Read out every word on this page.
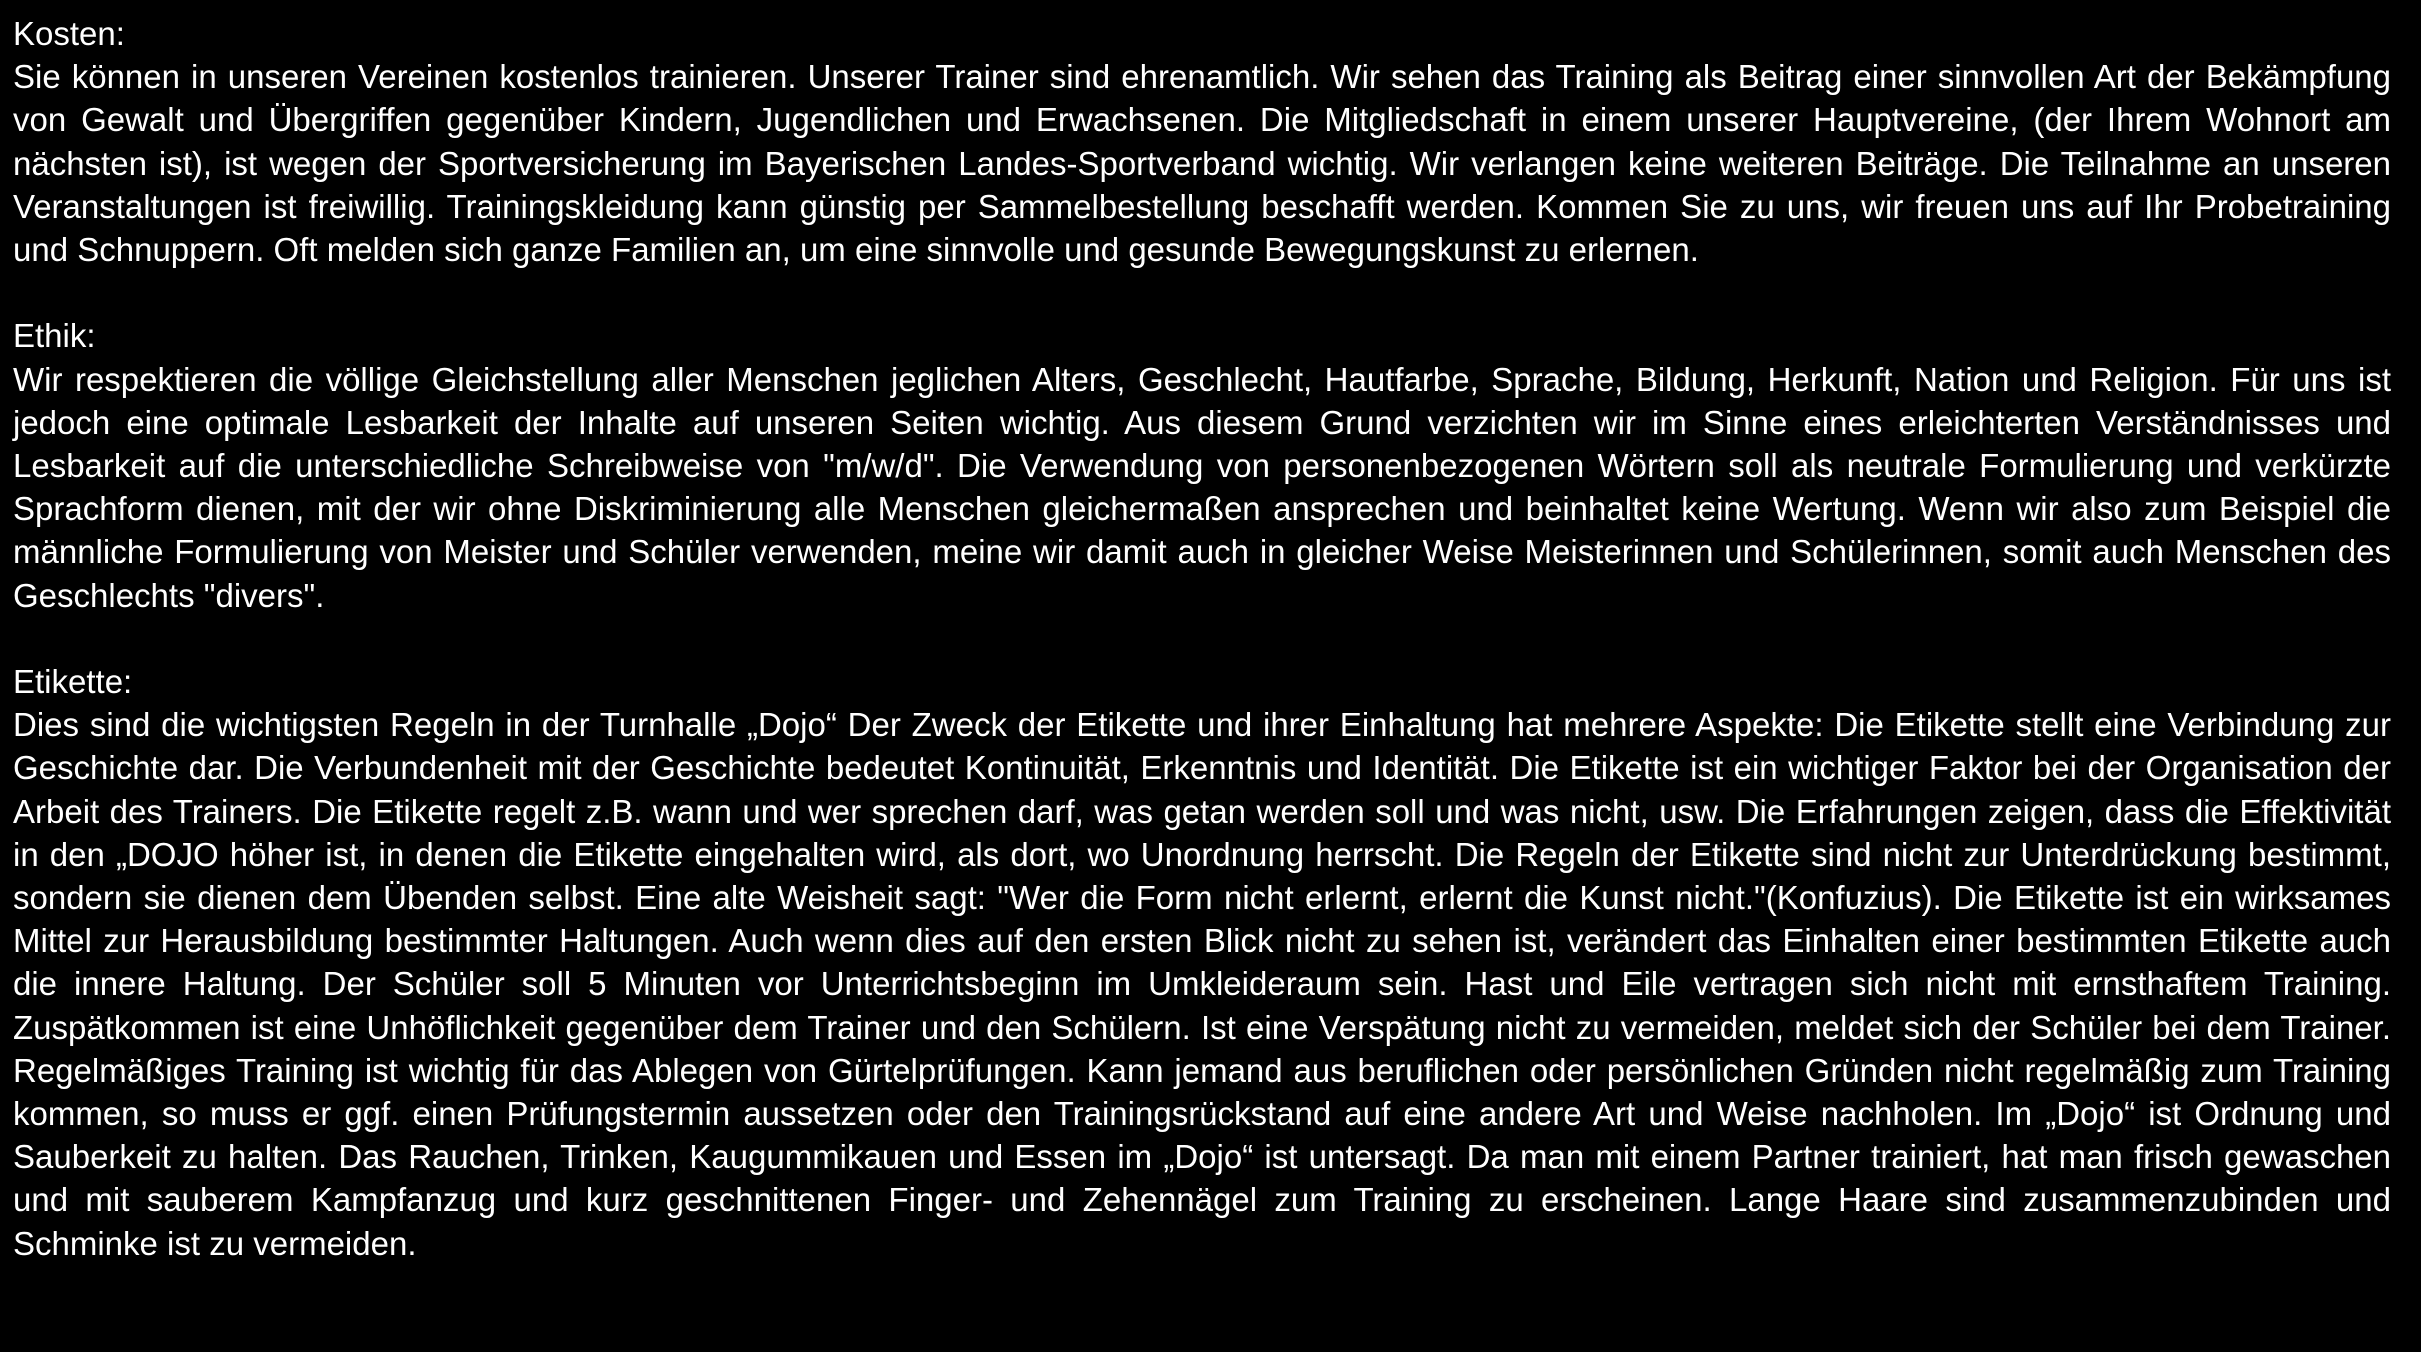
Kosten:

Sie können in unseren Vereinen kostenlos trainieren. Unserer Trainer sind ehrenamtlich. Wir sehen das Training als Beitrag einer sinnvollen Art der Bekämpfung von Gewalt und Übergriffen gegenüber Kindern, Jugendlichen und Erwachsenen. Die Mitgliedschaft in einem unserer Hauptvereine, (der Ihrem Wohnort am nächsten ist), ist wegen der Sportversicherung im Bayerischen Landes-Sportverband wichtig. Wir verlangen keine weiteren Beiträge. Die Teilnahme an unseren Veranstaltungen ist freiwillig. Trainingskleidung kann günstig per Sammelbestellung beschafft werden. Kommen Sie zu uns, wir freuen uns auf Ihr Probetraining und Schnuppern. Oft melden sich ganze Familien an, um eine sinnvolle und gesunde Bewegungskunst zu erlernen.

Ethik:

Wir respektieren die völlige Gleichstellung aller Menschen jeglichen Alters, Geschlecht, Hautfarbe, Sprache, Bildung, Herkunft, Nation und Religion. Für uns ist jedoch eine optimale Lesbarkeit der Inhalte auf unseren Seiten wichtig. Aus diesem Grund verzichten wir im Sinne eines erleichterten Verständnisses und Lesbarkeit auf die unterschiedliche Schreibweise von "m/w/d". Die Verwendung von personenbezogenen Wörtern soll als neutrale Formulierung und verkürzte Sprachform dienen, mit der wir ohne Diskriminierung alle Menschen gleichermaßen ansprechen und beinhaltet keine Wertung. Wenn wir also zum Beispiel die männliche Formulierung von Meister und Schüler verwenden, meine wir damit auch in gleicher Weise Meisterinnen und Schülerinnen, somit auch Menschen des Geschlechts "divers".

Etikette:

Dies sind die wichtigsten Regeln in der Turnhalle „Dojo“ Der Zweck der Etikette und ihrer Einhaltung hat mehrere Aspekte: Die Etikette stellt eine Verbindung zur Geschichte dar. Die Verbundenheit mit der Geschichte bedeutet Kontinuität, Erkenntnis und Identität. Die Etikette ist ein wichtiger Faktor bei der Organisation der Arbeit des Trainers. Die Etikette regelt z.B. wann und wer sprechen darf, was getan werden soll und was nicht, usw. Die Erfahrungen zeigen, dass die Effektivität in den „DOJO höher ist, in denen die Etikette eingehalten wird, als dort, wo Unordnung herrscht. Die Regeln der Etikette sind nicht zur Unterdrückung bestimmt, sondern sie dienen dem Übenden selbst. Eine alte Weisheit sagt: "Wer die Form nicht erlernt, erlernt die Kunst nicht."(Konfuzius). Die Etikette ist ein wirksames Mittel zur Herausbildung bestimmter Haltungen. Auch wenn dies auf den ersten Blick nicht zu sehen ist, verändert das Einhalten einer bestimmten Etikette auch die innere Haltung. Der Schüler soll 5 Minuten vor Unterrichtsbeginn im Umkleideraum sein. Hast und Eile vertragen sich nicht mit ernsthaftem Training. Zuspätkommen ist eine Unhöflichkeit gegenüber dem Trainer und den Schülern. Ist eine Verspätung nicht zu vermeiden, meldet sich der Schüler bei dem Trainer. Regelmäßiges Training ist wichtig für das Ablegen von Gürtelprüfungen. Kann jemand aus beruflichen oder persönlichen Gründen nicht regelmäßig zum Training kommen, so muss er ggf. einen Prüfungstermin aussetzen oder den Trainingsrückstand auf eine andere Art und Weise nachholen. Im „Dojo“ ist Ordnung und Sauberkeit zu halten. Das Rauchen, Trinken, Kaugummikauen und Essen im „Dojo“ ist untersagt. Da man mit einem Partner trainiert, hat man frisch gewaschen und mit sauberem Kampfanzug und kurz geschnittenen Finger- und Zehennägel zum Training zu erscheinen. Lange Haare sind zusammenzubinden und Schminke ist zu vermeiden.
